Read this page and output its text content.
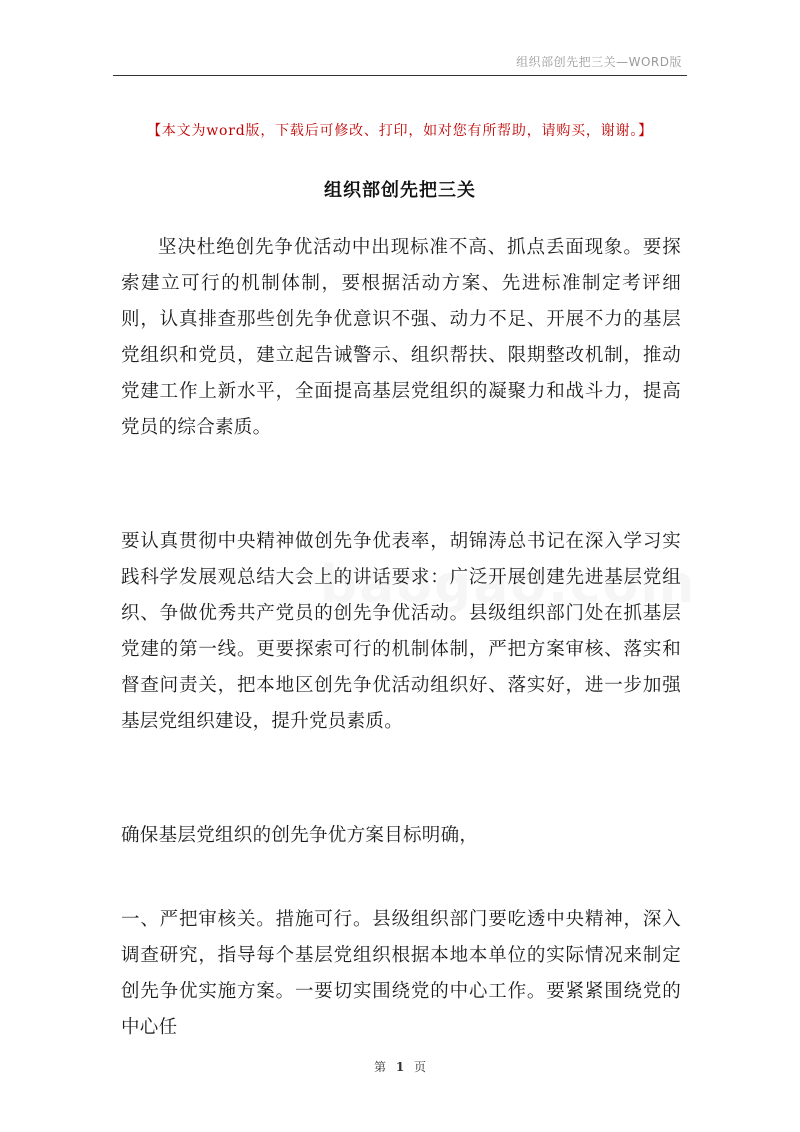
组织部创先把三关—WORD版
【本文为word版，下载后可修改、打印，如对您有所帮助，请购买，谢谢。】
组织部创先把三关
坚决杜绝创先争优活动中出现标准不高、抓点丢面现象。要探索建立可行的机制体制，要根据活动方案、先进标准制定考评细则，认真排查那些创先争优意识不强、动力不足、开展不力的基层党组织和党员，建立起告诫警示、组织帮扶、限期整改机制，推动党建工作上新水平，全面提高基层党组织的凝聚力和战斗力，提高党员的综合素质。
要认真贯彻中央精神做创先争优表率，胡锦涛总书记在深入学习实践科学发展观总结大会上的讲话要求：广泛开展创建先进基层党组织、争做优秀共产党员的创先争优活动。县级组织部门处在抓基层党建的第一线。更要探索可行的机制体制，严把方案审核、落实和督查问责关，把本地区创先争优活动组织好、落实好，进一步加强基层党组织建设，提升党员素质。
确保基层党组织的创先争优方案目标明确，
一、严把审核关。措施可行。县级组织部门要吃透中央精神，深入调查研究，指导每个基层党组织根据本地本单位的实际情况来制定创先争优实施方案。一要切实围绕党的中心工作。要紧紧围绕党的中心任
第 1 页
